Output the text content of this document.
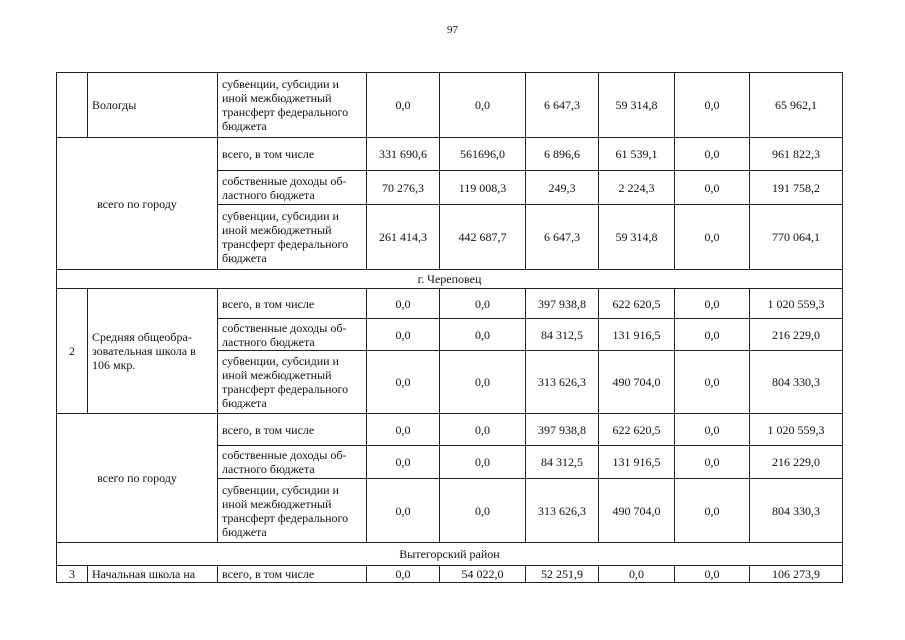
97
	Вологды	субвенции, субсидии и иной межбюджетный трансферт федерального бюджета	0,0	0,0	6 647,3	59 314,8	0,0	65 962,1
всего по городу		всего, в том числе	331 690,6	561696,0	6 896,6	61 539,1	0,0	961 822,3
		собственные доходы об-ластного бюджета	70 276,3	119 008,3	249,3	2 224,3	0,0	191 758,2
		субвенции, субсидии и иной межбюджетный трансферт федерального бюджета	261 414,3	442 687,7	6 647,3	59 314,8	0,0	770 064,1
г. Череповец								
2	Средняя общеобра-зовательная школа в 106 мкр.	всего, в том числе	0,0	0,0	397 938,8	622 620,5	0,0	1 020 559,3
		собственные доходы об-ластного бюджета	0,0	0,0	84 312,5	131 916,5	0,0	216 229,0
		субвенции, субсидии и иной межбюджетный трансферт федерального бюджета	0,0	0,0	313 626,3	490 704,0	0,0	804 330,3
всего по городу		всего, в том числе	0,0	0,0	397 938,8	622 620,5	0,0	1 020 559,3
		собственные доходы об-ластного бюджета	0,0	0,0	84 312,5	131 916,5	0,0	216 229,0
		субвенции, субсидии и иной межбюджетный трансферт федерального бюджета	0,0	0,0	313 626,3	490 704,0	0,0	804 330,3
Вытегорский район								
3	Начальная школа на	всего, в том числе	0,0	54 022,0	52 251,9	0,0	0,0	106 273,9
